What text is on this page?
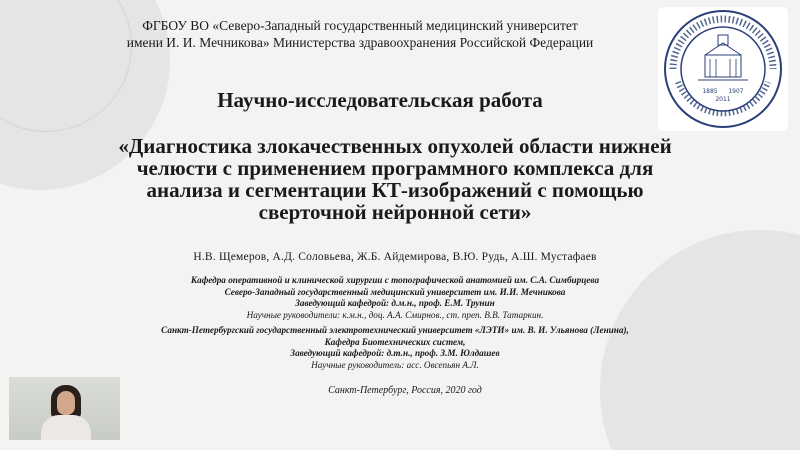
ФГБОУ ВО «Северо-Западный государственный медицинский университет
имени И. И. Мечникова» Министерства здравоохранения Российской Федерации
1885 1907
2011
Научно-исследовательская работа
«Диагностика злокачественных опухолей области нижней
челюсти с применением программного комплекса для
анализа и сегментации КТ-изображений с помощью
сверточной нейронной сети»
Н.В. Щемеров, А.Д. Соловьева, Ж.Б. Айдемирова, В.Ю. Рудь, А.Ш. Мустафаев
Кафедра оперативной и клинической хирургии с топографической анатомией им. С.А. Симбирцева
Северо-Западный государственный медицинский университет им. И.И. Мечникова
Заведующий кафедрой: д.м.н., проф. Е.М. Трунин
Научные руководители: к.м.н., доц. А.А. Смирнов., ст. преп. В.В. Татаркин.
Санкт-Петербургский государственный электротехнический университет «ЛЭТИ» им. В. И. Ульянова (Ленина),
Кафедра Биотехнических систем,
Заведующий кафедрой: д.т.н., проф. З.М. Юлдашев
Научные руководитель: асс. Овсепьян А.Л.
Санкт-Петербург, Россия, 2020 год
